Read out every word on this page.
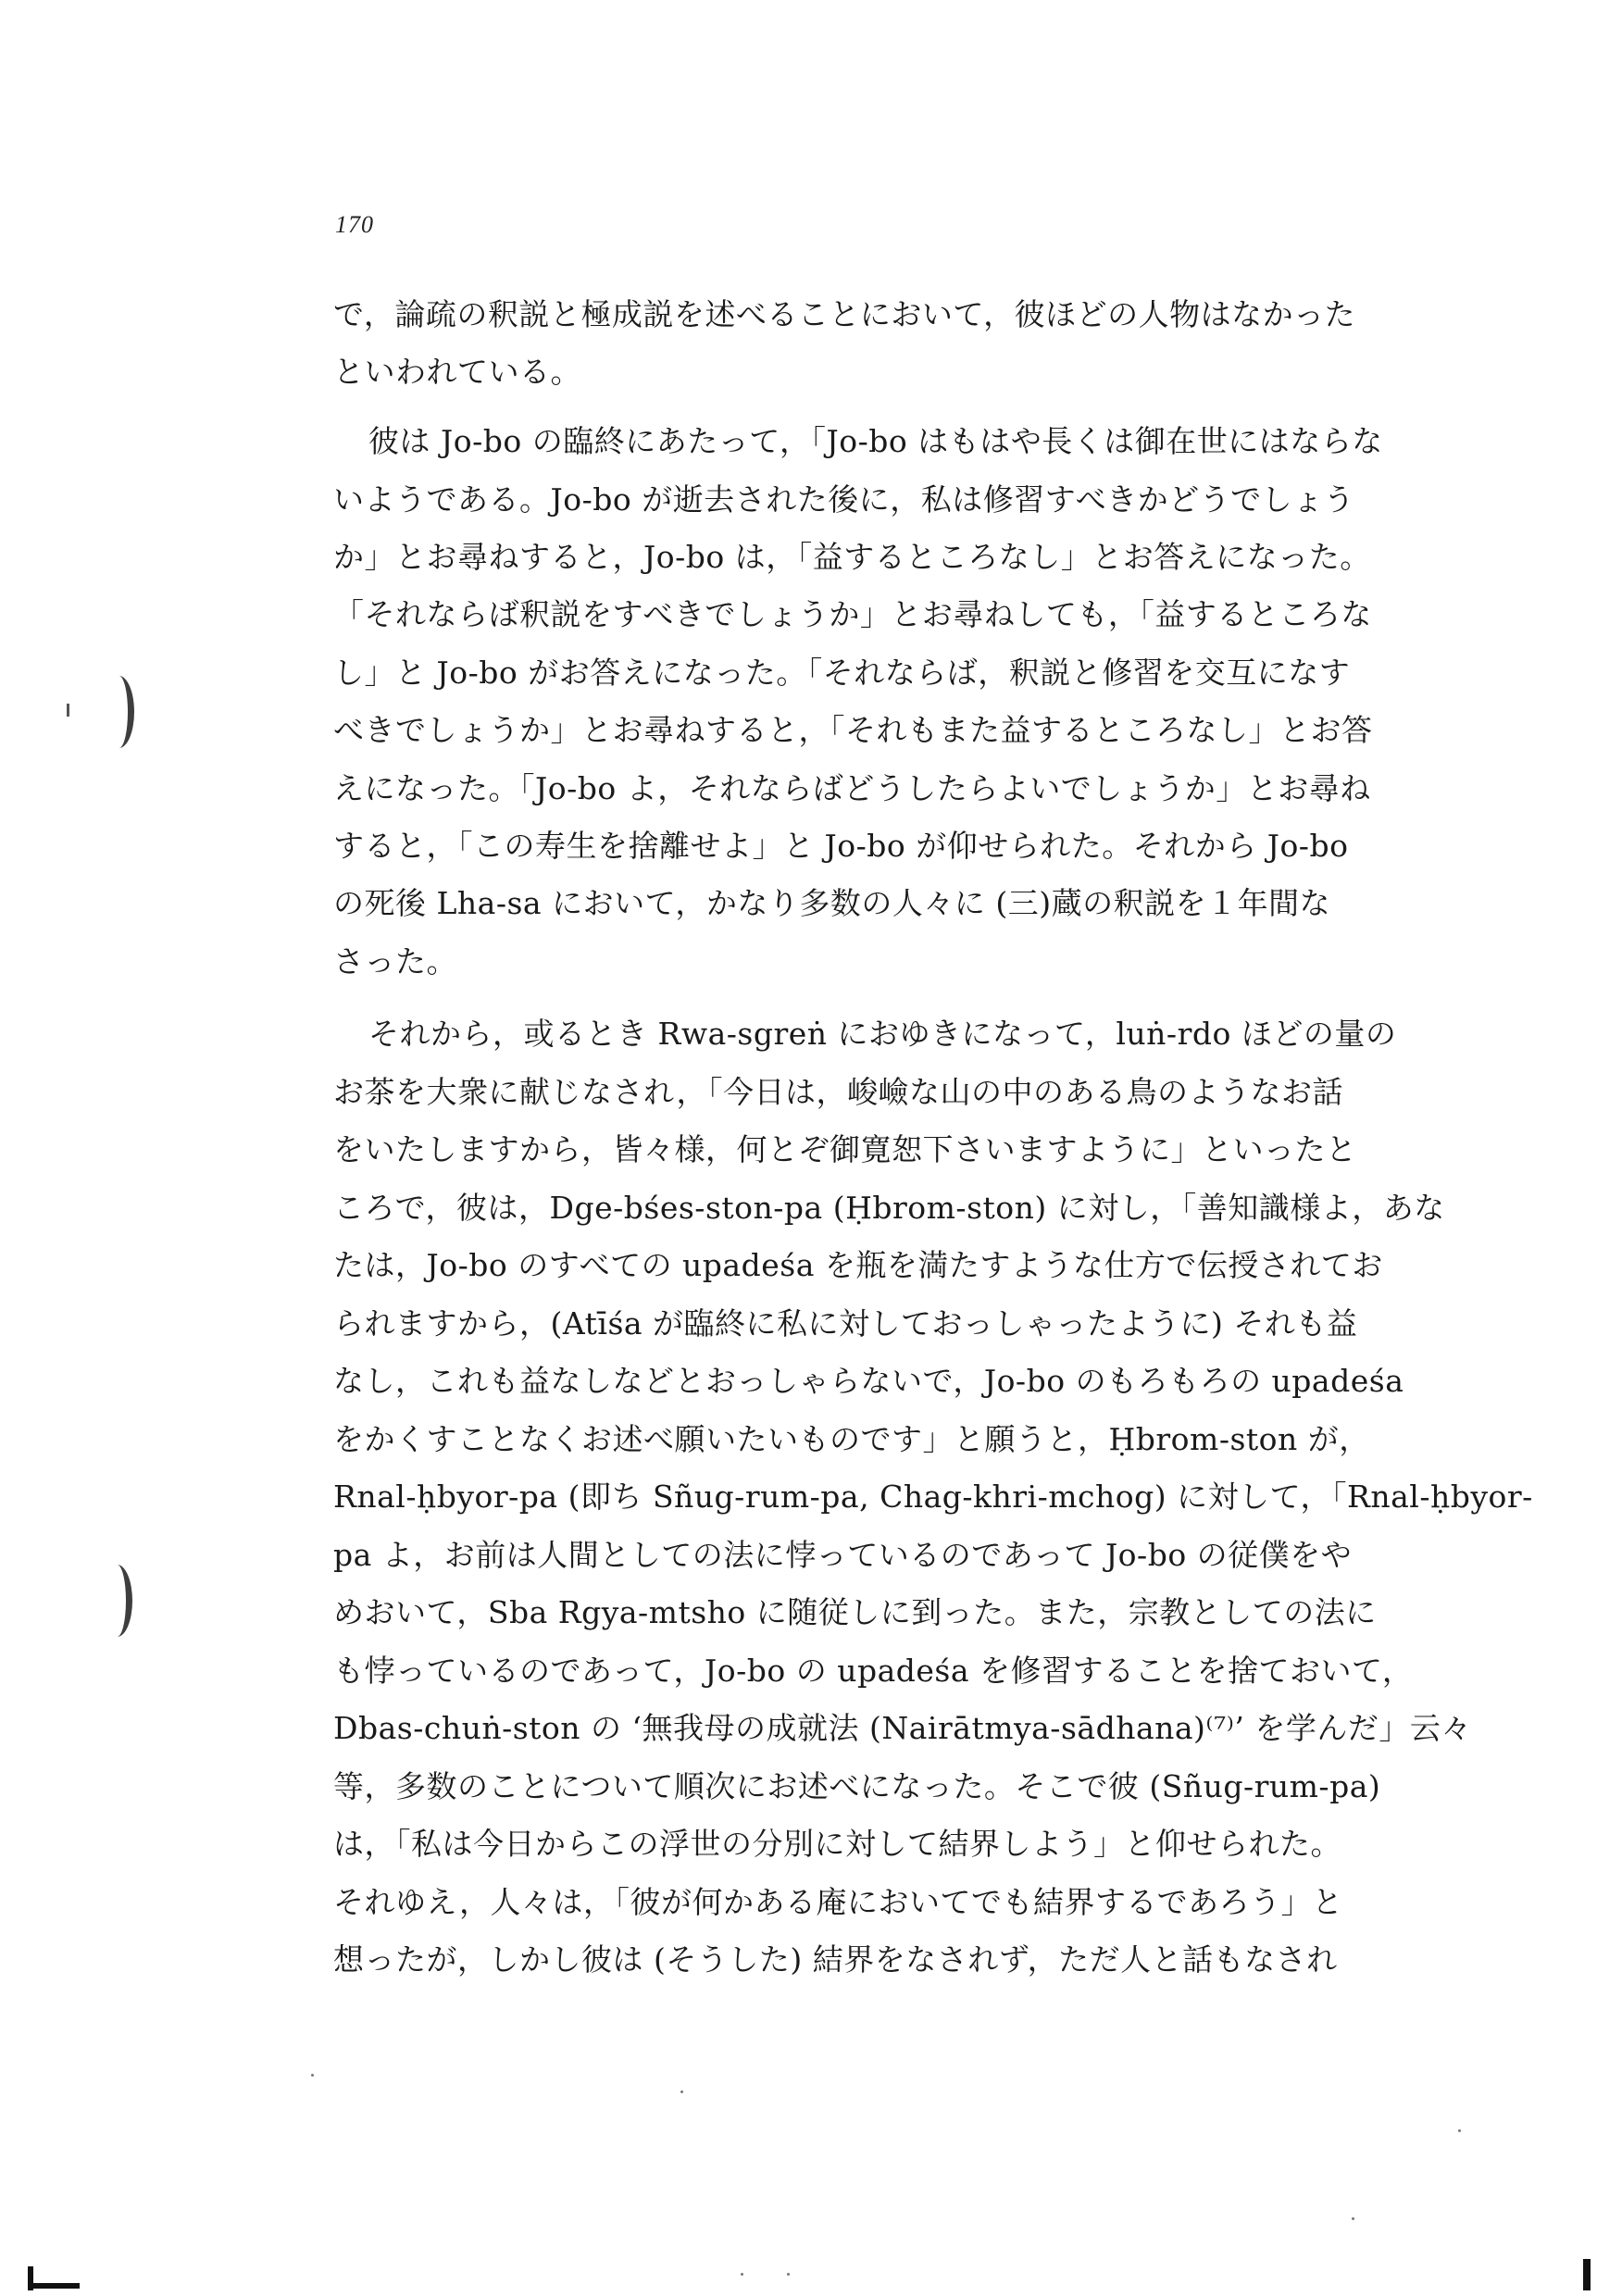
170
で，論疏の釈説と極成説を述べることにおいて，彼ほどの人物はなかった
といわれている。
彼は Jo-bo の臨終にあたって，「Jo-bo はもはや長くは御在世にはならな
いようである。Jo-bo が逝去された後に，私は修習すべきかどうでしょう
か」とお尋ねすると，Jo-bo は，「益するところなし」とお答えになった。
「それならば釈説をすべきでしょうか」とお尋ねしても，「益するところな
し」と Jo-bo がお答えになった。「それならば，釈説と修習を交互になす
べきでしょうか」とお尋ねすると，「それもまた益するところなし」とお答
えになった。「Jo-bo よ，それならばどうしたらよいでしょうか」とお尋ね
すると，「この寿生を捨離せよ」と Jo-bo が仰せられた。それから Jo-bo
の死後 Lha-sa において，かなり多数の人々に (三)蔵の釈説を１年間な
さった。
それから，或るとき Rwa-sgreṅ におゆきになって，luṅ-rdo ほどの量の
お茶を大衆に献じなされ，「今日は，峻嶮な山の中のある鳥のようなお話
をいたしますから，皆々様，何とぞ御寛恕下さいますように」といったと
ころで，彼は，Dge-bśes-ston-pa (Ḥbrom-ston) に対し，「善知識様よ，あな
たは，Jo-bo のすべての upadeśa を瓶を満たすような仕方で伝授されてお
られますから，(Atīśa が臨終に私に対しておっしゃったように) それも益
なし，これも益なしなどとおっしゃらないで，Jo-bo のもろもろの upadeśa
をかくすことなくお述べ願いたいものです」と願うと，Ḥbrom-ston が，
Rnal-ḥbyor-pa (即ち Sñug-rum-pa, Chag-khri-mchog) に対して，「Rnal-ḥbyor-
pa よ，お前は人間としての法に悖っているのであって Jo-bo の従僕をや
めおいて，Sba Rgya-mtsho に随従しに到った。また，宗教としての法に
も悖っているのであって，Jo-bo の upadeśa を修習することを捨ておいて，
Dbas-chuṅ-ston の ‘無我母の成就法 (Nairātmya-sādhana)⁽⁷⁾’ を学んだ」云々
等，多数のことについて順次にお述べになった。そこで彼 (Sñug-rum-pa)
は，「私は今日からこの浮世の分別に対して結界しよう」と仰せられた。
それゆえ，人々は，「彼が何かある庵においてでも結界するであろう」と
想ったが，しかし彼は (そうした) 結界をなされず，ただ人と話もなされ
